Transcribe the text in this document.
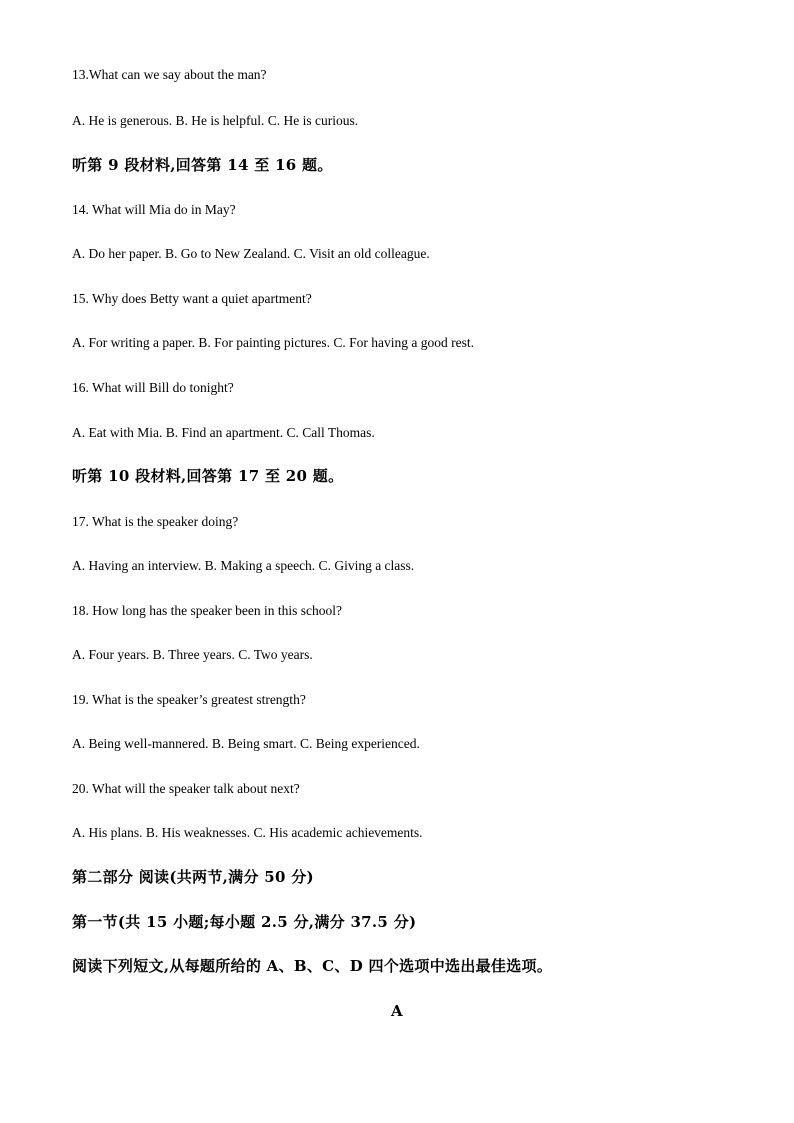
13.What can we say about the man?
A. He is generous. B. He is helpful. C. He is curious.
听第 9 段材料,回答第 14 至 16 题。
14. What will Mia do in May?
A. Do her paper. B. Go to New Zealand. C. Visit an old colleague.
15. Why does Betty want a quiet apartment?
A. For writing a paper. B. For painting pictures. C. For having a good rest.
16. What will Bill do tonight?
A. Eat with Mia. B. Find an apartment. C. Call Thomas.
听第 10 段材料,回答第 17 至 20 题。
17. What is the speaker doing?
A. Having an interview. B. Making a speech. C. Giving a class.
18. How long has the speaker been in this school?
A. Four years. B. Three years. C. Two years.
19. What is the speaker’s greatest strength?
A. Being well-mannered. B. Being smart. C. Being experienced.
20. What will the speaker talk about next?
A. His plans. B. His weaknesses. C. His academic achievements.
第二部分 阅读(共两节,满分 50 分)
第一节(共 15 小题;每小题 2.5 分,满分 37.5 分)
阅读下列短文,从每题所给的 A、B、C、D 四个选项中选出最佳选项。
A
